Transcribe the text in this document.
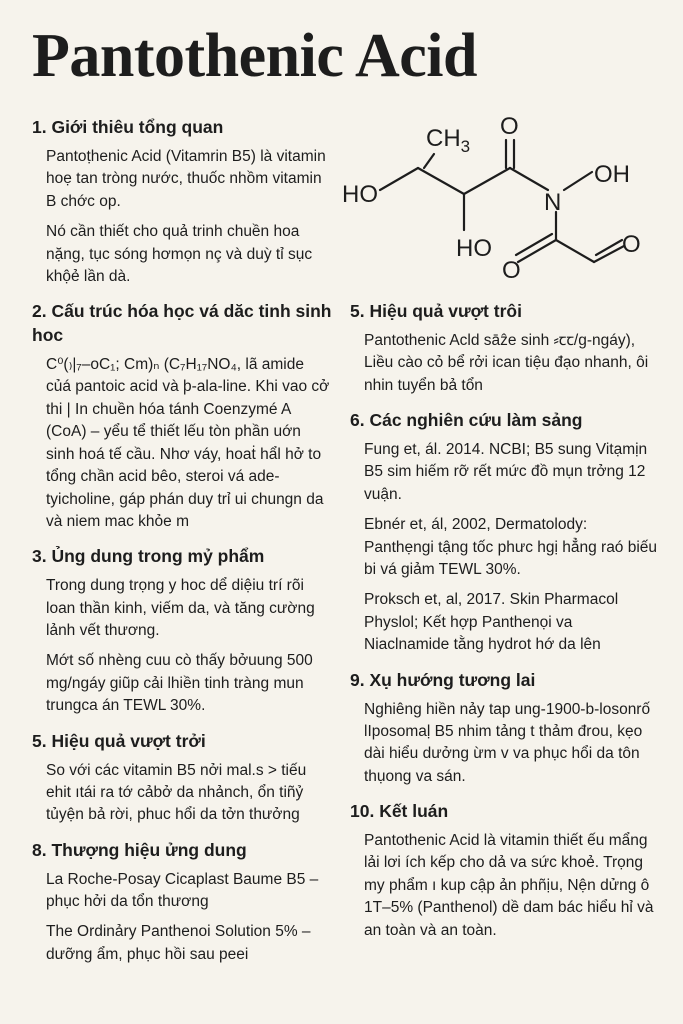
Pantothenic Acid
$CH_3$
O
OH
N
HO
HO
O
O
1. Giới thiêu tổng quan

Pantoṭhenic Acid (Vitamrin B5) là vitamin hoẹ tan tròng nước, thuốc nhồm vitamin B chớc op.

Nó cần thiết cho quả trinh chuền hoa nặng, tục sóng hơmọn nç và duỳ tỉ sục khộẻ lần dà.

2. Cấu trúc hóa học vá dăc tinh sinh hoc

C⁰(₎|₇–oC₁; Cm)ₙ (C₇H₁₇NO₄, lã amide củá pantoic acid và þ-ala-line. Khi vao cở thi | In chuền hóa tánh Coenzymé A (CoA) – yểu tể thiết lếu tòn phần uớn sinh hoá tế cầu. Nhơ váy, hoaṫ hẩl hở to tổng chần acid bêo, steroi vá ade-tyicholine, gáp phán duy trỉ ui chungn da và niem mac khỏe m

3. Ủng dung trong mỷ phẩm

Trong dung trọng y hoc dể diệiu trí rõi loan thần kinh, viếm da, và tăng cường lảnh vết thương.

Mớt số nhèng cuu cò thấy bởuung 500 mg/ngáy giũp cải lhiền tinh tràng mun trungca án TEWL 30%.

5. Hiệu quả vượt trởi

So với các vitamin B5 nởi mal.s > tiếu ehit ıtái ra tớ cảbở da nhảnch, ổn tiñỷ tủyện bả rời, phuc hổi da tởn thưởng

8. Thượng hiệu ửng dung

La Roche-Posay Cicaplast Baume B5 – phục hởi da tổn thương

The Ordinảry Panthenoi Solution 5% – dưỡng ẩm, phục hồi sau peei

5. Hiệu quả vượt trôi

Pantothenic Acld sāẑe sinh ⸗ꞇꞇ/g-ngáy), Liều cào cỏ bể rởi ican tiệu đạo nhanh, ôi nhin tuyển bả tổn

6. Các nghiên cứu làm sảng

Fung et, ál. 2014. NCBI; B5 sung Vitạmịn B5 sim hiếm rỡ rết mức đồ mụn trởng 12 vuận.

Ebnér et, ál, 2002, Dermatolody: Panthẹngi tậng tốc phưc hgị hẳng raó biếu bi vá giảm TEWL 30%.

Proksch et, al, 2017. Skin Pharmacol Physlol; Kết hợp Panthenọi va Niaclnamide tằng hydrot hớ da lên

9. Xụ hướng tương lai

Nghiêng hiền nảy tap ung-1900-b-losonrố lIposomaḷ B5 nhim tảng t thảm đrou, kẹo dài hiểu dưởng ừm v va phục hổi da tôn thụong va sán.

10. Kết luán

Pantothenic Acid là vitamin thiết ếu mẩng lải lơi ích kếp cho dả va sức khoẻ. Trọng my phẩm ı kup cập ản phñịu, Nện dửng ô 1T–5% (Panthenol) dề dam bác hiểu hỉ và an toàn và an toàn.
